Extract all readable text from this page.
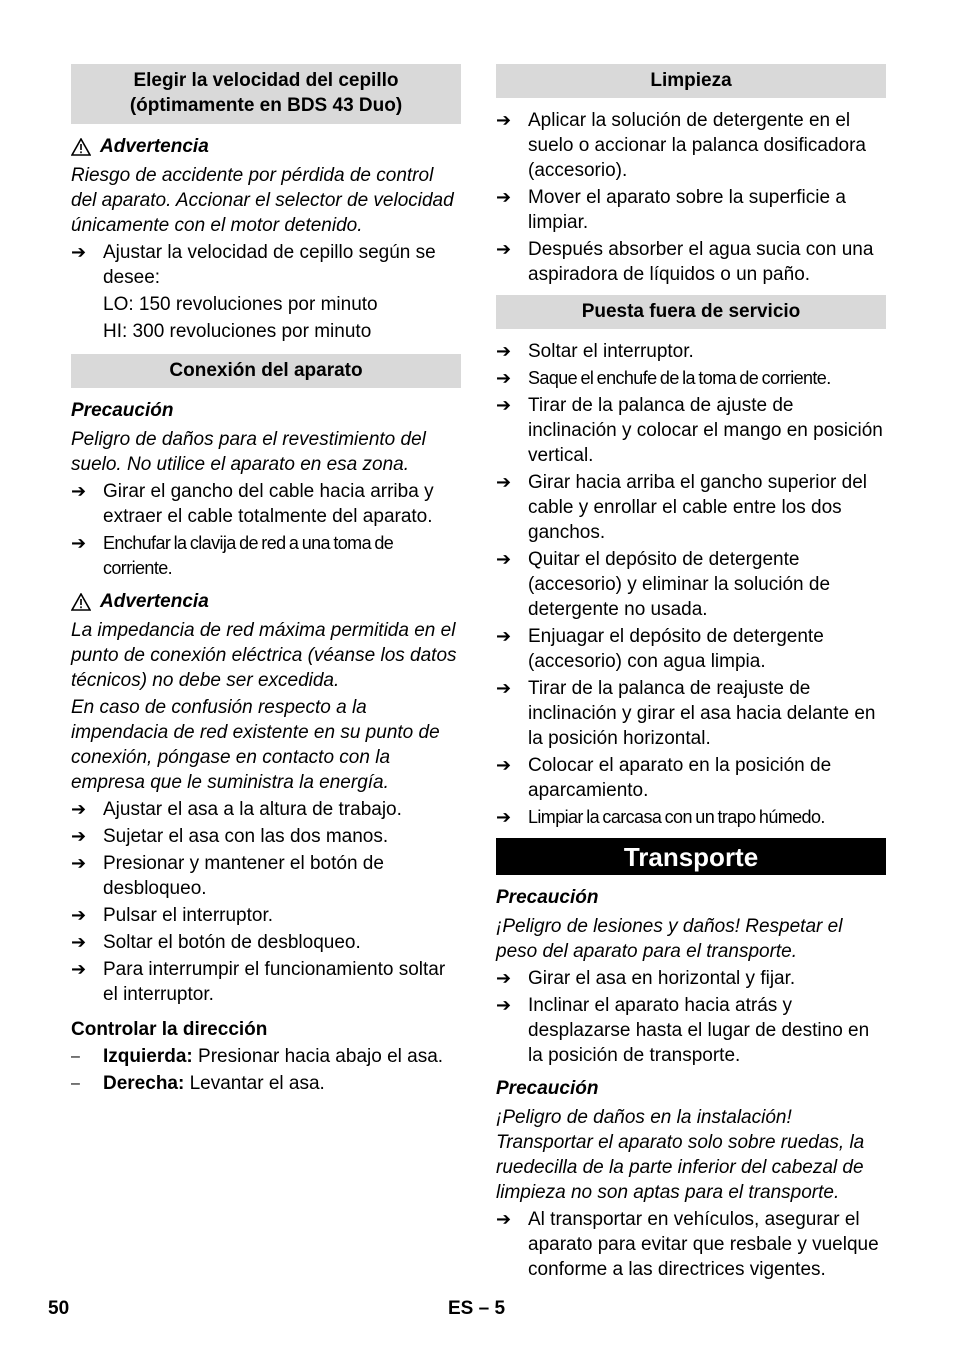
Elegir la velocidad del cepillo
(óptimamente en BDS 43 Duo)
Advertencia
Riesgo de accidente por pérdida de control del aparato. Accionar el selector de velocidad únicamente con el motor detenido.
➔ Ajustar la velocidad de cepillo según se desee:
LO: 150 revoluciones por minuto
HI: 300 revoluciones por minuto
Conexión del aparato
Precaución
Peligro de daños para el revestimiento del suelo. No utilice el aparato en esa zona.
➔ Girar el gancho del cable hacia arriba y extraer el cable totalmente del aparato.
➔ Enchufar la clavija de red a una toma de corriente.
Advertencia
La impedancia de red máxima permitida en el punto de conexión eléctrica (véanse los datos técnicos) no debe ser excedida.
En caso de confusión respecto a la impendacia de red existente en su punto de conexión, póngase en contacto con la empresa que le suministra la energía.
➔ Ajustar el asa a la altura de trabajo.
➔ Sujetar el asa con las dos manos.
➔ Presionar y mantener el botón de desbloqueo.
➔ Pulsar el interruptor.
➔ Soltar el botón de desbloqueo.
➔ Para interrumpir el funcionamiento soltar el interruptor.
Controlar la dirección
–	Izquierda: Presionar hacia abajo el asa.
–	Derecha: Levantar el asa.
Limpieza
➔ Aplicar la solución de detergente en el suelo o accionar la palanca dosificadora (accesorio).
➔ Mover el aparato sobre la superficie a limpiar.
➔ Después absorber el agua sucia con una aspiradora de líquidos o un paño.
Puesta fuera de servicio
➔ Soltar el interruptor.
➔ Saque el enchufe de la toma de corriente.
➔ Tirar de la palanca de ajuste de inclinación y colocar el mango en posición vertical.
➔ Girar hacia arriba el gancho superior del cable y enrollar el cable entre los dos ganchos.
➔ Quitar el depósito de detergente (accesorio) y eliminar la solución de detergente no usada.
➔ Enjuagar el depósito de detergente (accesorio) con agua limpia.
➔ Tirar de la palanca de reajuste de inclinación y girar el asa hacia delante en la posición horizontal.
➔ Colocar el aparato en la posición de aparcamiento.
➔ Limpiar la carcasa con un trapo húmedo.
Transporte
Precaución
¡Peligro de lesiones y daños! Respetar el peso del aparato para el transporte.
➔ Girar el asa en horizontal y fijar.
➔ Inclinar el aparato hacia atrás y desplazarse hasta el lugar de destino en la posición de transporte.
Precaución
¡Peligro de daños en la instalación! Transportar el aparato solo sobre ruedas, la ruedecilla de la parte inferior del cabezal de limpieza no son aptas para el transporte.
➔ Al transportar en vehículos, asegurar el aparato para evitar que resbale y vuelque conforme a las directrices vigentes.
50	ES – 5
